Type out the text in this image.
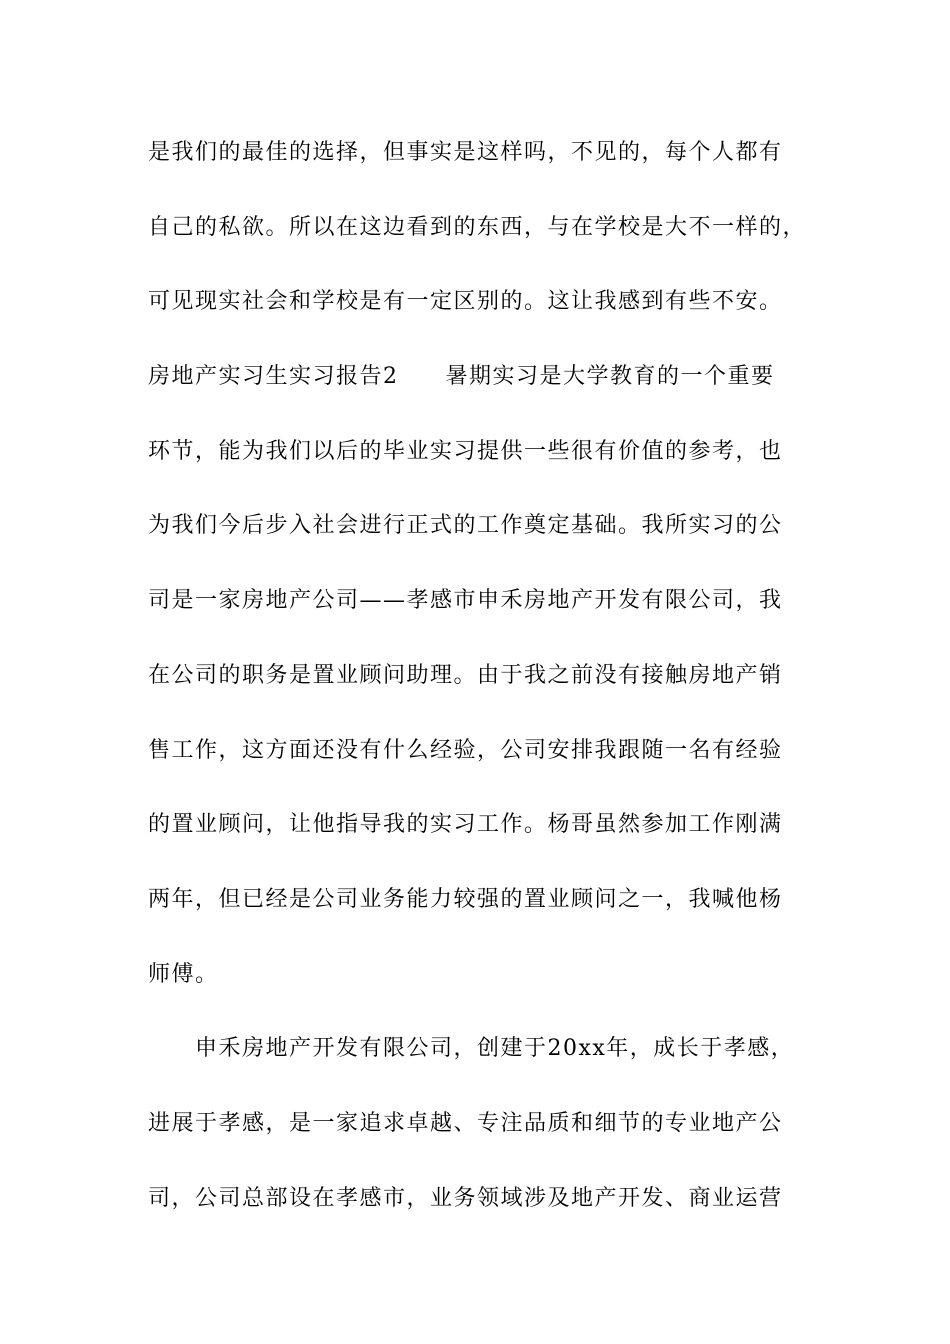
是我们的最佳的选择，但事实是这样吗，不见的，每个人都有
自己的私欲。所以在这边看到的东西，与在学校是大不一样的，
可见现实社会和学校是有一定区别的。这让我感到有些不安。
房地产实习生实习报告2　　暑期实习是大学教育的一个重要
环节，能为我们以后的毕业实习提供一些很有价值的参考，也
为我们今后步入社会进行正式的工作奠定基础。我所实习的公
司是一家房地产公司——孝感市申禾房地产开发有限公司，我
在公司的职务是置业顾问助理。由于我之前没有接触房地产销
售工作，这方面还没有什么经验，公司安排我跟随一名有经验
的置业顾问，让他指导我的实习工作。杨哥虽然参加工作刚满
两年，但已经是公司业务能力较强的置业顾问之一，我喊他杨
师傅。
　　申禾房地产开发有限公司，创建于20xx年，成长于孝感，
进展于孝感，是一家追求卓越、专注品质和细节的专业地产公
司，公司总部设在孝感市，业务领域涉及地产开发、商业运营
